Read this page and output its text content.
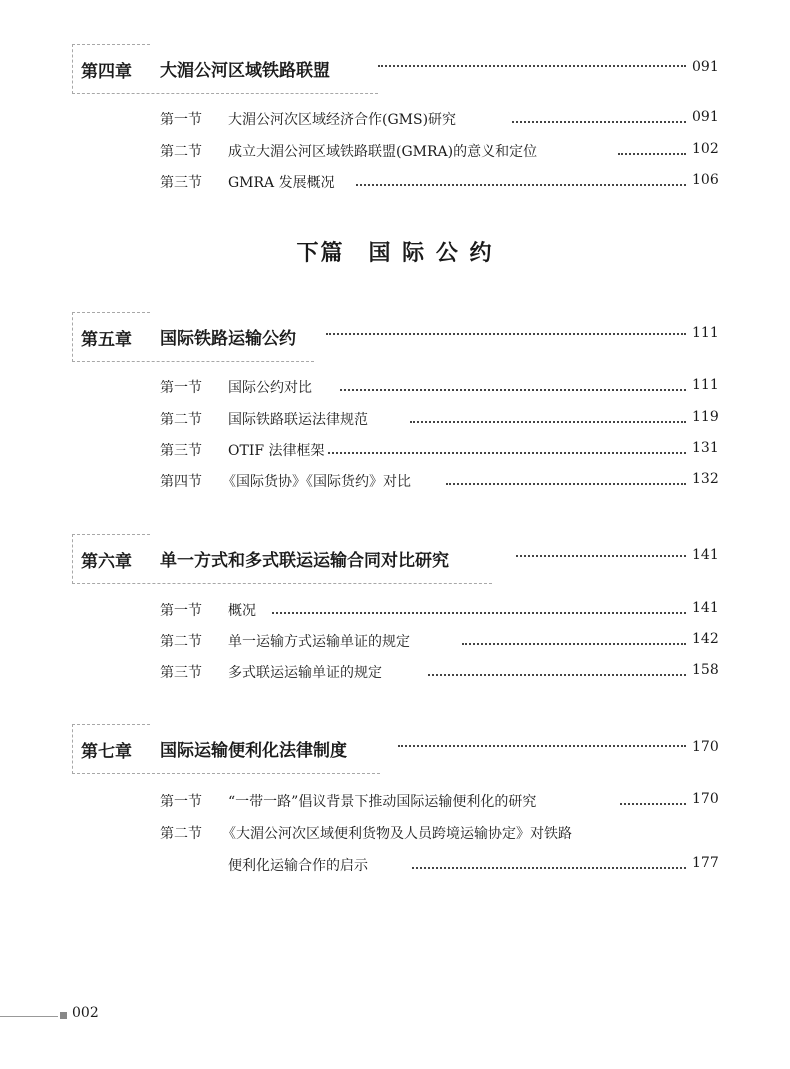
第四章 大湄公河区域铁路联盟	091
第一节 大湄公河次区域经济合作(GMS)研究	091
第二节 成立大湄公河区域铁路联盟(GMRA)的意义和定位	102
第三节 GMRA 发展概况	106
下篇　国 际 公 约
第五章 国际铁路运输公约	111
第一节 国际公约对比	111
第二节 国际铁路联运法律规范	119
第三节 OTIF 法律框架	131
第四节 《国际货协》《国际货约》对比	132
第六章 单一方式和多式联运运输合同对比研究	141
第一节 概况	141
第二节 单一运输方式运输单证的规定	142
第三节 多式联运运输单证的规定	158
第七章 国际运输便利化法律制度	170
第一节 “一带一路”倡议背景下推动国际运输便利化的研究	170
第二节 《大湄公河次区域便利货物及人员跨境运输协定》对铁路
便利化运输合作的启示	177
002
